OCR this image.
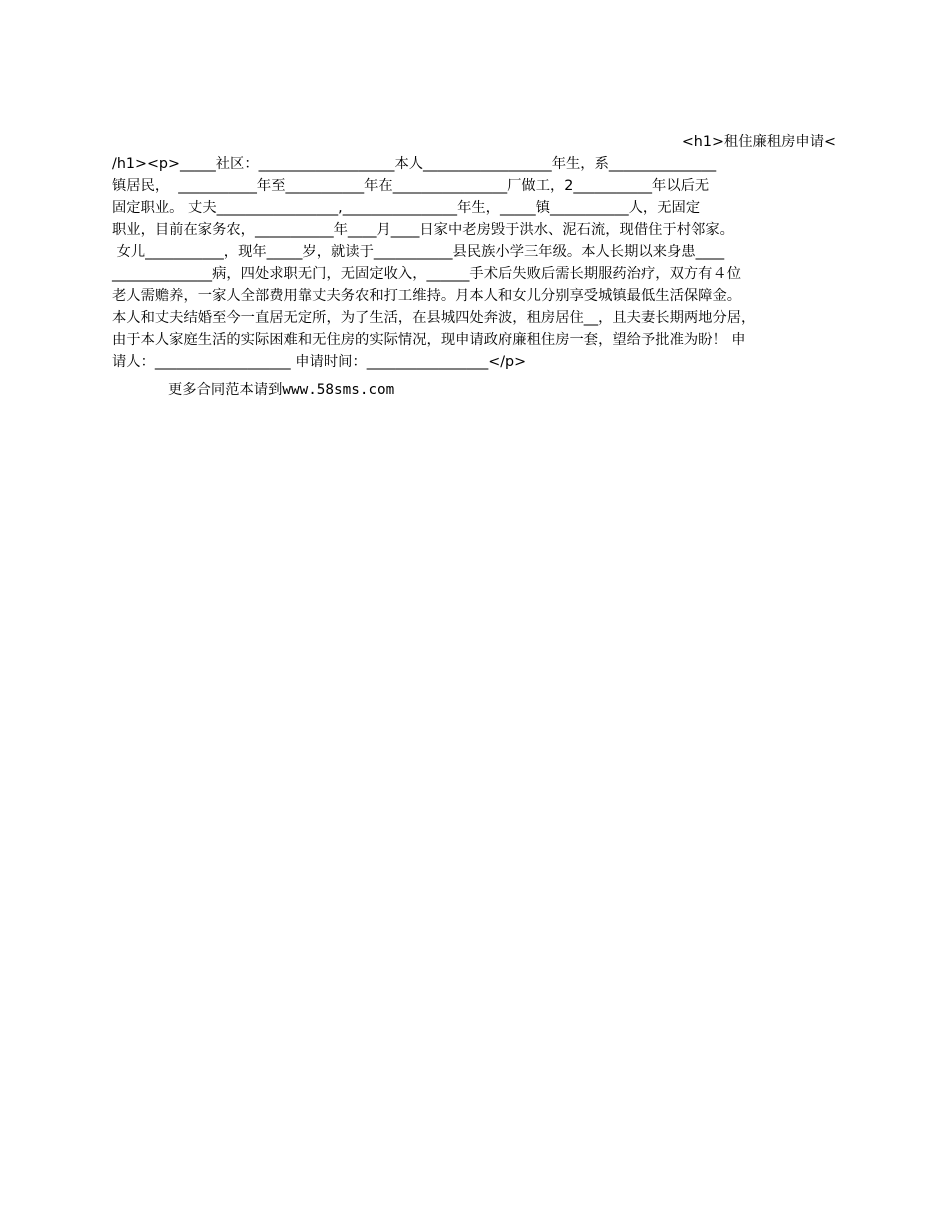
<h1>租住廉租房申请<
/h1><p>_____社区：___________________本人__________________年生，系_______________
镇居民，  ___________年至___________年在________________厂做工，2___________年以后无
固定职业。 丈夫_________________,________________年生，_____镇___________人，无固定
职业，目前在家务农，___________年____月____日家中老房毁于洪水、泥石流，现借住于村邻家。
女儿___________，现年_____岁，就读于___________县民族小学三年级。本人长期以来身患____
______________病，四处求职无门，无固定收入，______手术后失败后需长期服药治疗，双方有４位
老人需赡养，一家人全部费用靠丈夫务农和打工维持。月本人和女儿分别享受城镇最低生活保障金。
本人和丈夫结婚至今一直居无定所，为了生活，在县城四处奔波，租房居住__，且夫妻长期两地分居，
由于本人家庭生活的实际困难和无住房的实际情况，现申请政府廉租住房一套，望给予批准为盼！ 申
请人：___________________ 申请时间：_________________</p>
更多合同范本请到www.58sms.com
